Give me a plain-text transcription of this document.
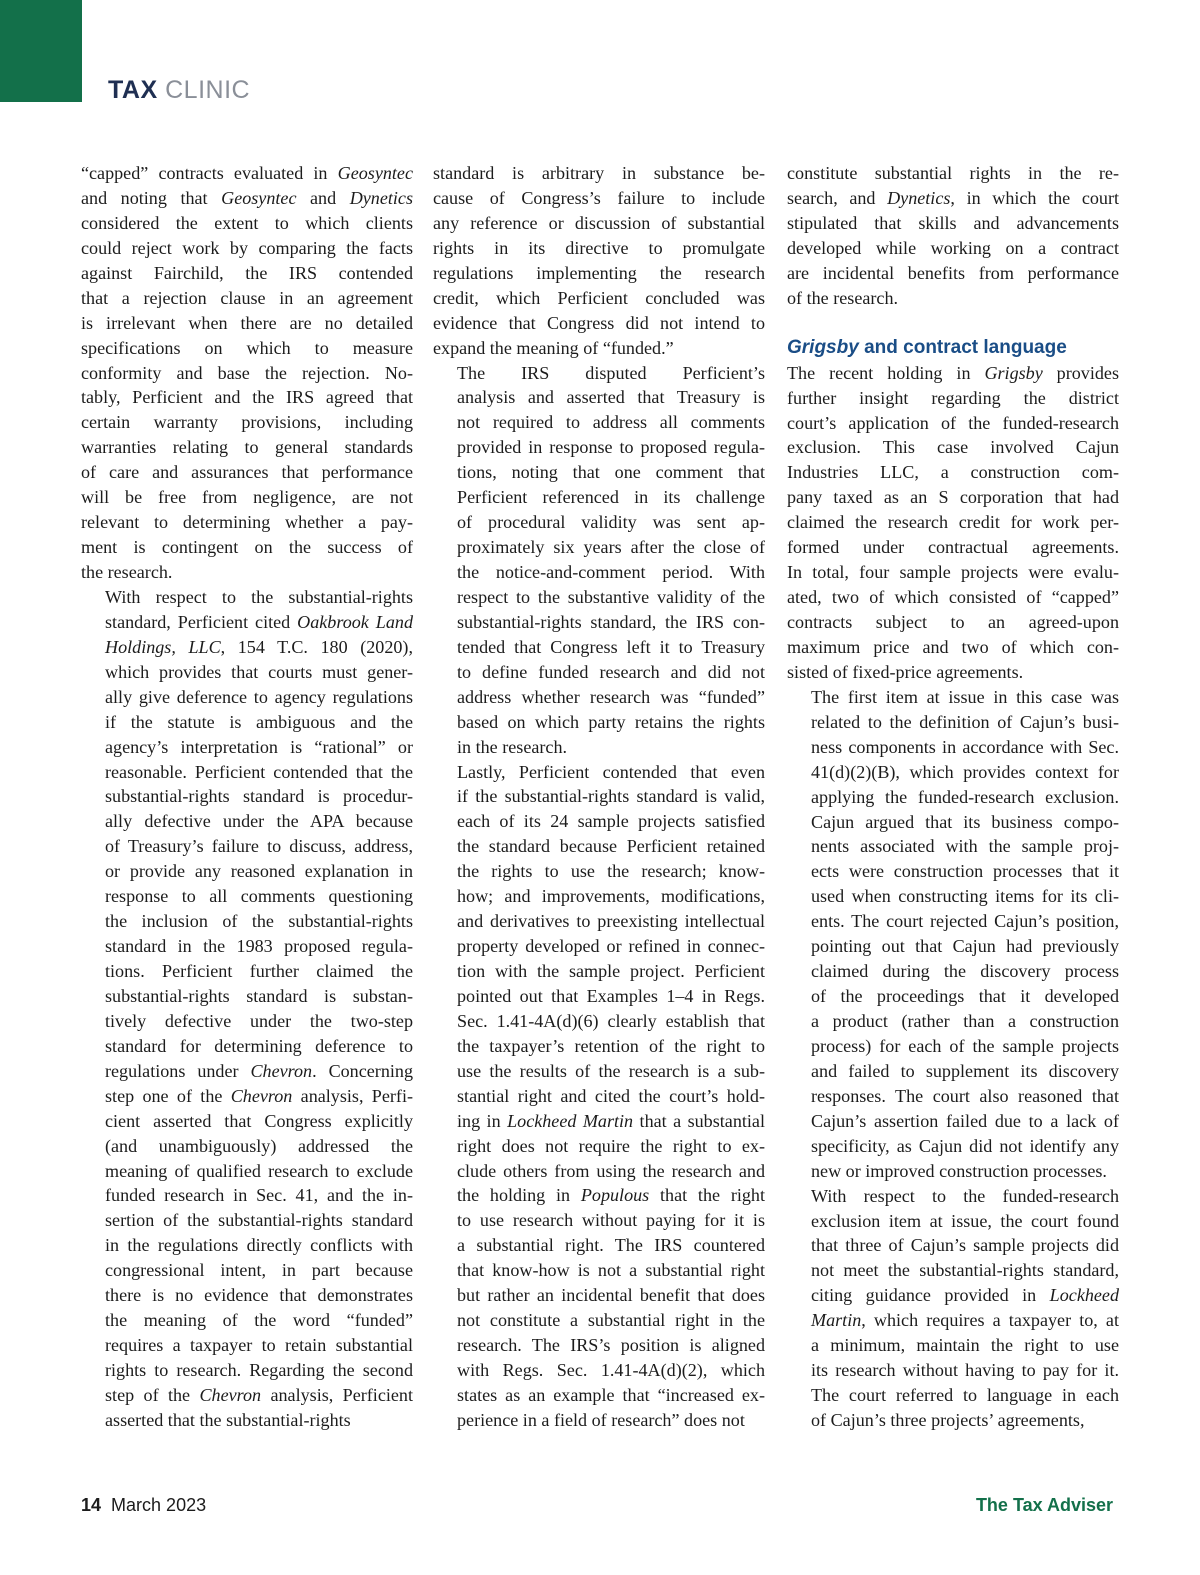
TAX CLINIC

“capped” contracts evaluated in Geosyntec
and noting that Geosyntec and Dynetics
considered the extent to which clients
could reject work by comparing the facts
against Fairchild, the IRS contended
that a rejection clause in an agreement
is irrelevant when there are no detailed
specifications on which to measure
conformity and base the rejection. No-
tably, Perficient and the IRS agreed that
certain warranty provisions, including
warranties relating to general standards
of care and assurances that performance
will be free from negligence, are not
relevant to determining whether a pay-
ment is contingent on the success of
the research.

With respect to the substantial-rights
standard, Perficient cited Oakbrook Land
Holdings, LLC, 154 T.C. 180 (2020),
which provides that courts must gener-
ally give deference to agency regulations
if the statute is ambiguous and the
agency’s interpretation is “rational” or
reasonable. Perficient contended that the
substantial-rights standard is procedur-
ally defective under the APA because
of Treasury’s failure to discuss, address,
or provide any reasoned explanation in
response to all comments questioning
the inclusion of the substantial-rights
standard in the 1983 proposed regula-
tions. Perficient further claimed the
substantial-rights standard is substan-
tively defective under the two-step
standard for determining deference to
regulations under Chevron. Concerning
step one of the Chevron analysis, Perfi-
cient asserted that Congress explicitly
(and unambiguously) addressed the
meaning of qualified research to exclude
funded research in Sec. 41, and the in-
sertion of the substantial-rights standard
in the regulations directly conflicts with
congressional intent, in part because
there is no evidence that demonstrates
the meaning of the word “funded”
requires a taxpayer to retain substantial
rights to research. Regarding the second
step of the Chevron analysis, Perficient
asserted that the substantial-rights

standard is arbitrary in substance be-
cause of Congress’s failure to include
any reference or discussion of substantial
rights in its directive to promulgate
regulations implementing the research
credit, which Perficient concluded was
evidence that Congress did not intend to
expand the meaning of “funded.”

The IRS disputed Perficient’s
analysis and asserted that Treasury is
not required to address all comments
provided in response to proposed regula-
tions, noting that one comment that
Perficient referenced in its challenge
of procedural validity was sent ap-
proximately six years after the close of
the notice-and-comment period. With
respect to the substantive validity of the
substantial-rights standard, the IRS con-
tended that Congress left it to Treasury
to define funded research and did not
address whether research was “funded”
based on which party retains the rights
in the research.

Lastly, Perficient contended that even
if the substantial-rights standard is valid,
each of its 24 sample projects satisfied
the standard because Perficient retained
the rights to use the research; know-
how; and improvements, modifications,
and derivatives to preexisting intellectual
property developed or refined in connec-
tion with the sample project. Perficient
pointed out that Examples 1–4 in Regs.
Sec. 1.41-4A(d)(6) clearly establish that
the taxpayer’s retention of the right to
use the results of the research is a sub-
stantial right and cited the court’s hold-
ing in Lockheed Martin that a substantial
right does not require the right to ex-
clude others from using the research and
the holding in Populous that the right
to use research without paying for it is
a substantial right. The IRS countered
that know-how is not a substantial right
but rather an incidental benefit that does
not constitute a substantial right in the
research. The IRS’s position is aligned
with Regs. Sec. 1.41-4A(d)(2), which
states as an example that “increased ex-
perience in a field of research” does not

constitute substantial rights in the re-
search, and Dynetics, in which the court
stipulated that skills and advancements
developed while working on a contract
are incidental benefits from performance
of the research.

Grigsby and contract language

The recent holding in Grigsby provides
further insight regarding the district
court’s application of the funded-research
exclusion. This case involved Cajun
Industries LLC, a construction com-
pany taxed as an S corporation that had
claimed the research credit for work per-
formed under contractual agreements.
In total, four sample projects were evalu-
ated, two of which consisted of “capped”
contracts subject to an agreed-upon
maximum price and two of which con-
sisted of fixed-price agreements.

The first item at issue in this case was
related to the definition of Cajun’s busi-
ness components in accordance with Sec.
41(d)(2)(B), which provides context for
applying the funded-research exclusion.
Cajun argued that its business compo-
nents associated with the sample proj-
ects were construction processes that it
used when constructing items for its cli-
ents. The court rejected Cajun’s position,
pointing out that Cajun had previously
claimed during the discovery process
of the proceedings that it developed
a product (rather than a construction
process) for each of the sample projects
and failed to supplement its discovery
responses. The court also reasoned that
Cajun’s assertion failed due to a lack of
specificity, as Cajun did not identify any
new or improved construction processes.

With respect to the funded-research
exclusion item at issue, the court found
that three of Cajun’s sample projects did
not meet the substantial-rights standard,
citing guidance provided in Lockheed
Martin, which requires a taxpayer to, at
a minimum, maintain the right to use
its research without having to pay for it.
The court referred to language in each
of Cajun’s three projects’ agreements,

14 March 2023	The Tax Adviser
